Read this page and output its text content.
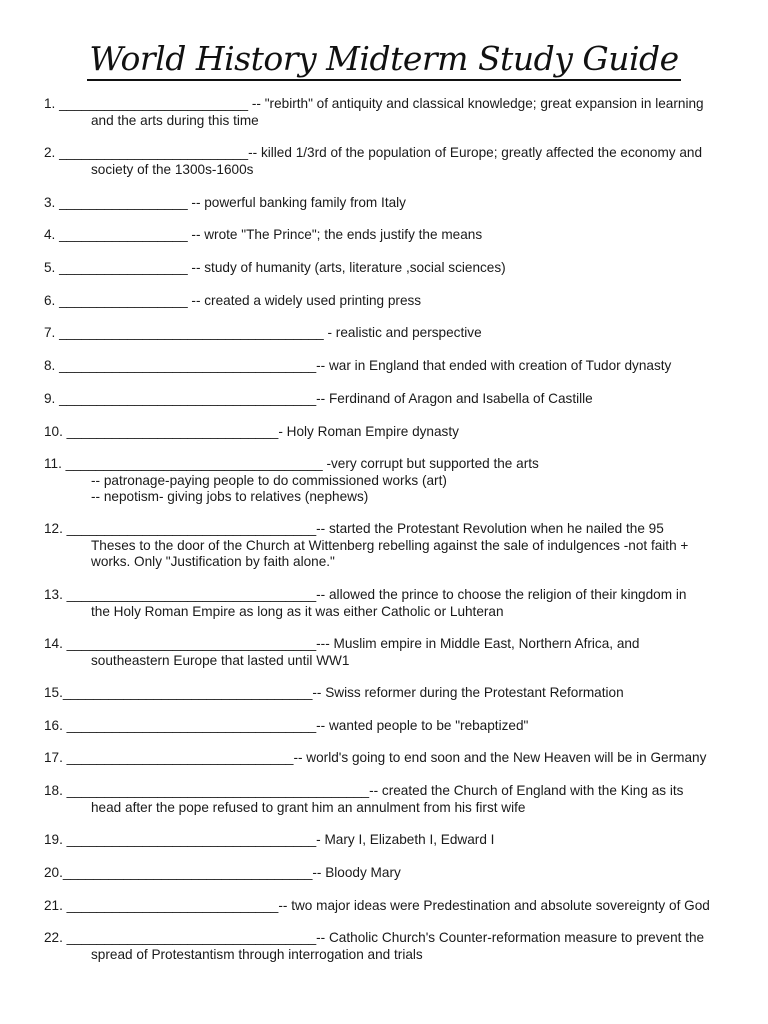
World History Midterm Study Guide
1. _________________________ -- "rebirth" of antiquity and classical knowledge; great expansion in learning
and the arts during this time
2. _________________________-- killed 1/3rd of the population of Europe; greatly affected the economy and
society of the 1300s-1600s
3. _________________ -- powerful banking family from Italy
4. _________________ -- wrote "The Prince"; the ends justify the means
5. _________________ -- study of humanity (arts, literature ,social sciences)
6. _________________ -- created a widely used printing press
7. ___________________________________ - realistic and perspective
8. __________________________________-- war in England that ended with creation of Tudor dynasty
9. __________________________________-- Ferdinand of Aragon and Isabella of Castille
10. ____________________________- Holy Roman Empire dynasty
11. __________________________________ -very corrupt but supported the arts
-- patronage-paying people to do commissioned works (art)
-- nepotism- giving jobs to relatives (nephews)
12. _________________________________-- started the Protestant Revolution when he nailed the 95
Theses to the door of the Church at Wittenberg rebelling against the sale of indulgences -not faith +
works. Only "Justification by faith alone."
13. _________________________________-- allowed the prince to choose the religion of their kingdom in
the Holy Roman Empire as long as it was either Catholic or Luhteran
14. _________________________________--- Muslim empire in Middle East, Northern Africa, and
southeastern Europe that lasted until WW1
15._________________________________-- Swiss reformer during the Protestant Reformation
16. _________________________________-- wanted people to be "rebaptized"
17. ______________________________-- world's going to end soon and the New Heaven will be in Germany
18. ________________________________________-- created the Church of England with the King as its
head after the pope refused to grant him an annulment from his first wife
19. _________________________________- Mary I, Elizabeth I, Edward I
20._________________________________-- Bloody Mary
21. ____________________________-- two major ideas were Predestination and absolute sovereignty of God
22. _________________________________-- Catholic Church's Counter-reformation measure to prevent the
spread of Protestantism through interrogation and trials
